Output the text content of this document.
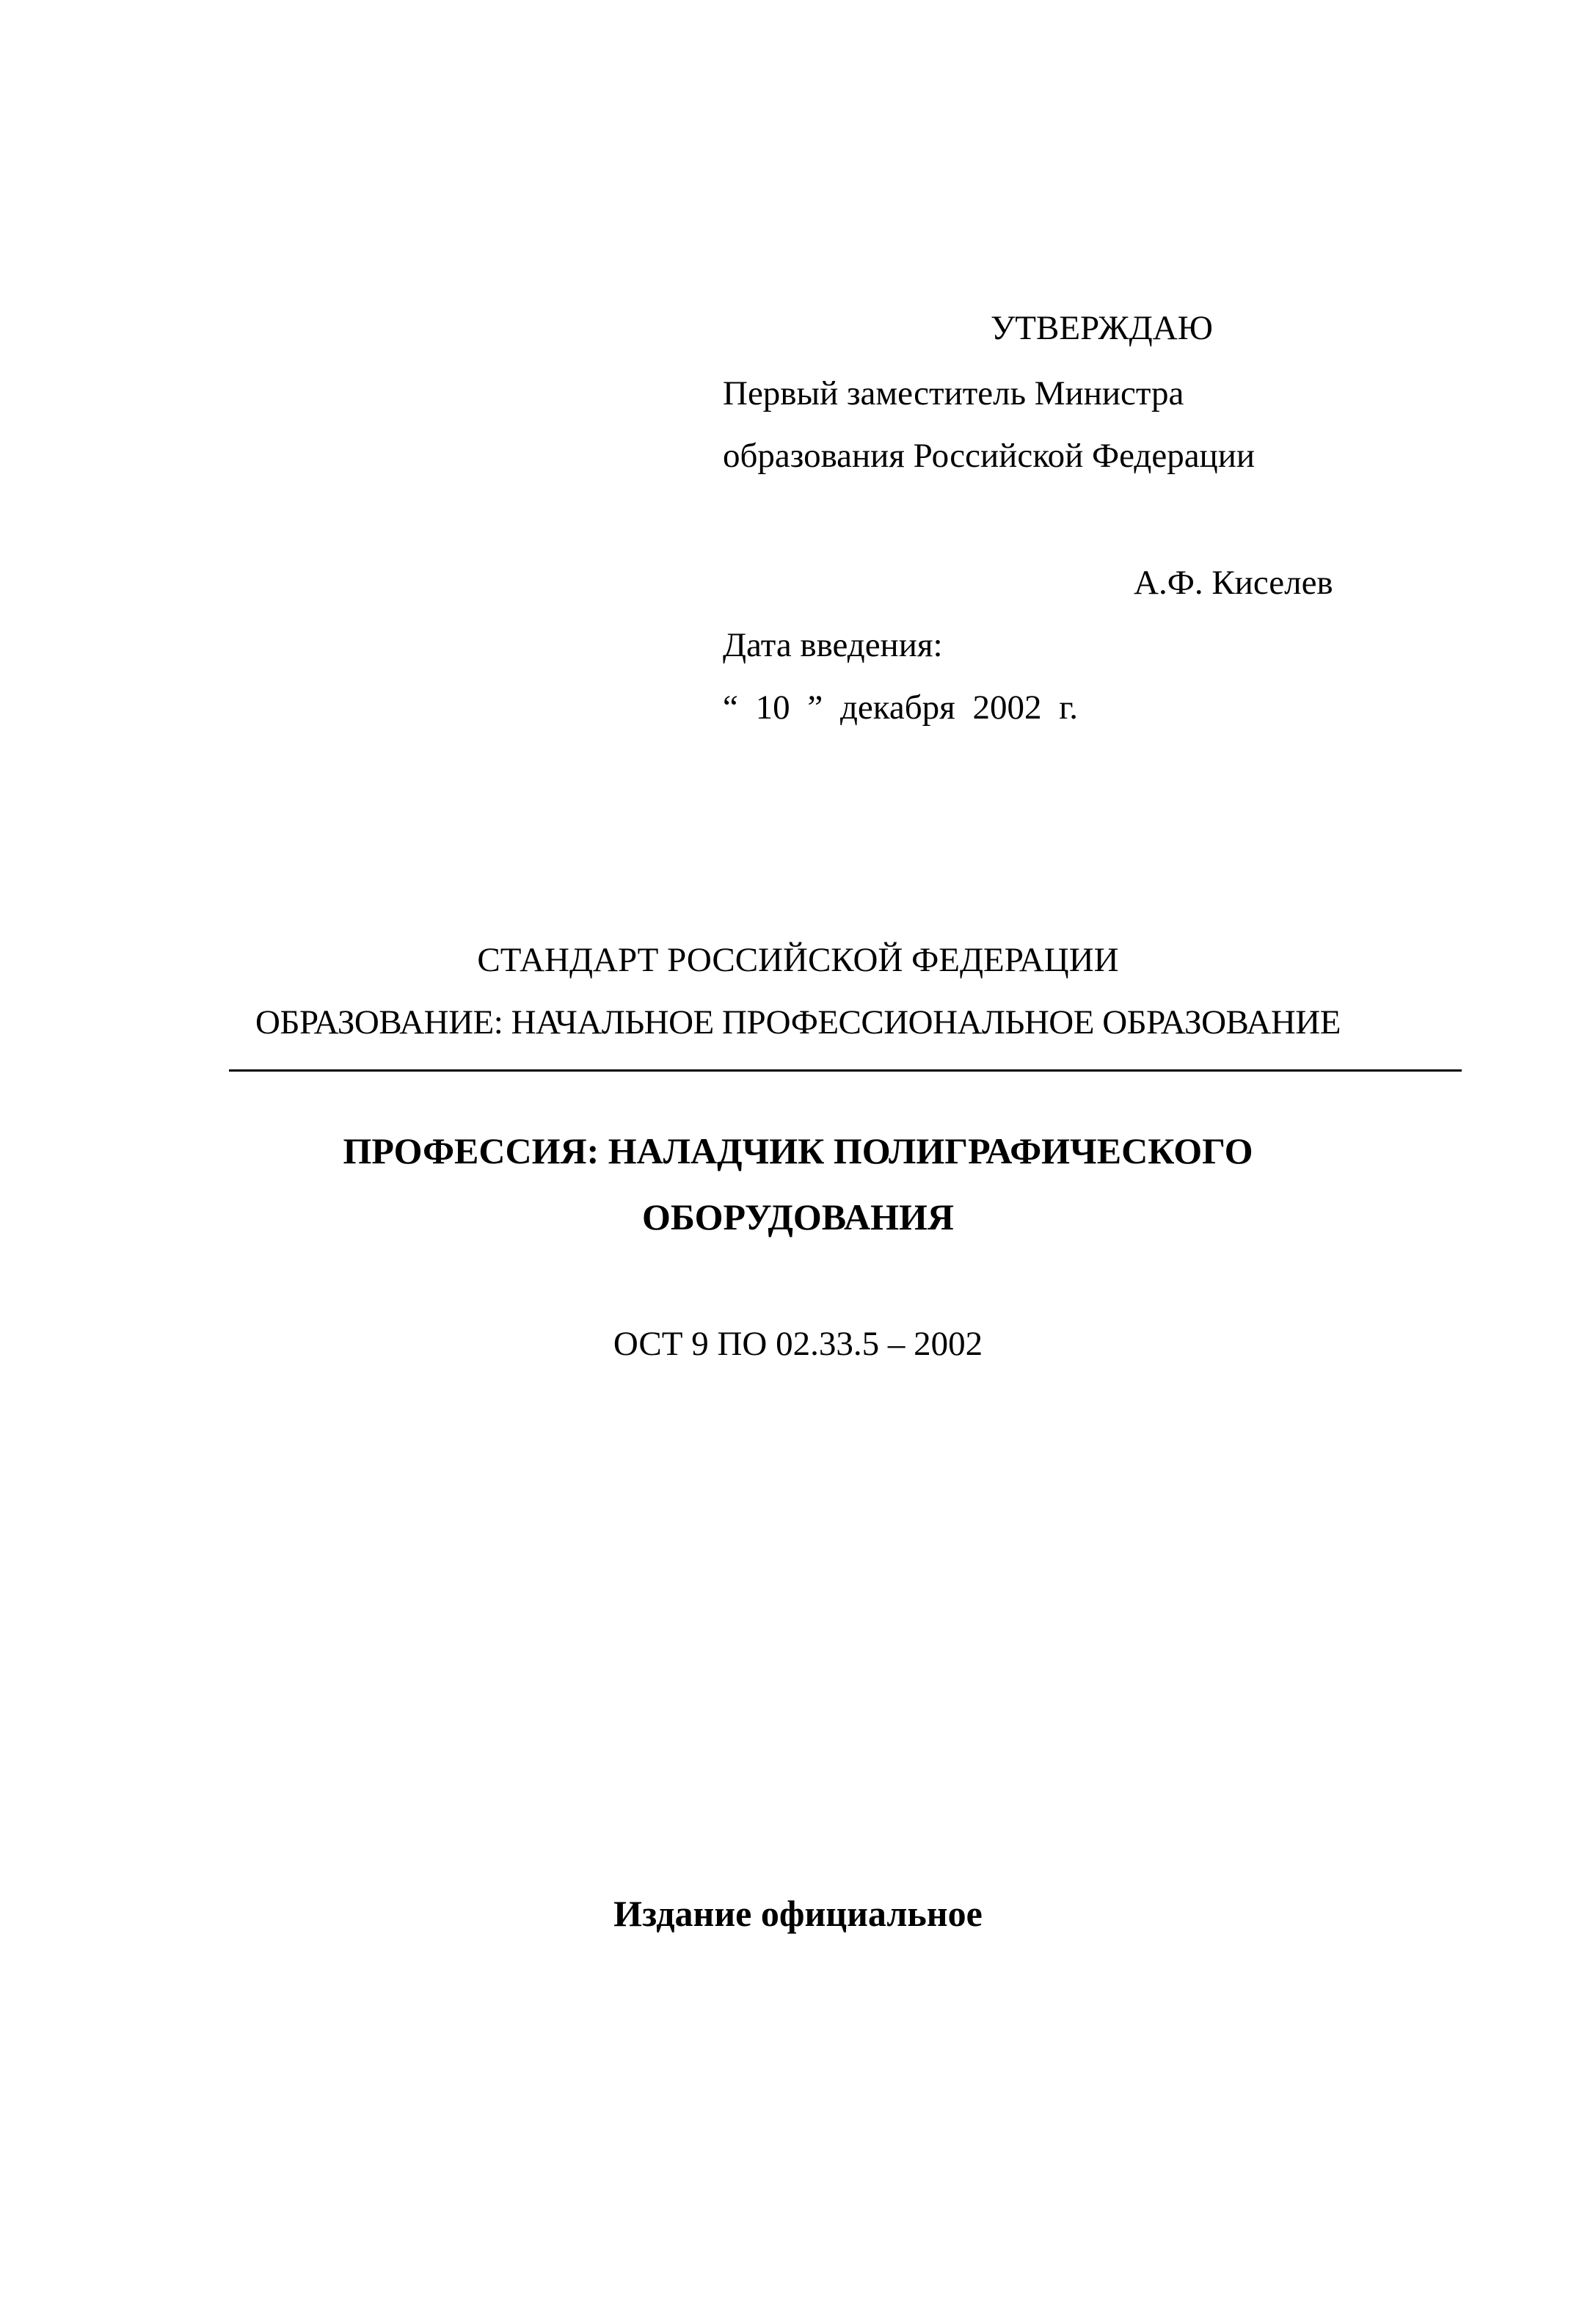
УТВЕРЖДАЮ
Первый заместитель Министра
образования Российской Федерации
А.Ф. Киселев
Дата введения:
“ 10 ” декабря 2002 г.
СТАНДАРТ РОССИЙСКОЙ ФЕДЕРАЦИИ
ОБРАЗОВАНИЕ: НАЧАЛЬНОЕ ПРОФЕССИОНАЛЬНОЕ ОБРАЗОВАНИЕ
ПРОФЕССИЯ: НАЛАДЧИК ПОЛИГРАФИЧЕСКОГО
ОБОРУДОВАНИЯ
ОСТ 9 ПО 02.33.5 – 2002
Издание официальное
